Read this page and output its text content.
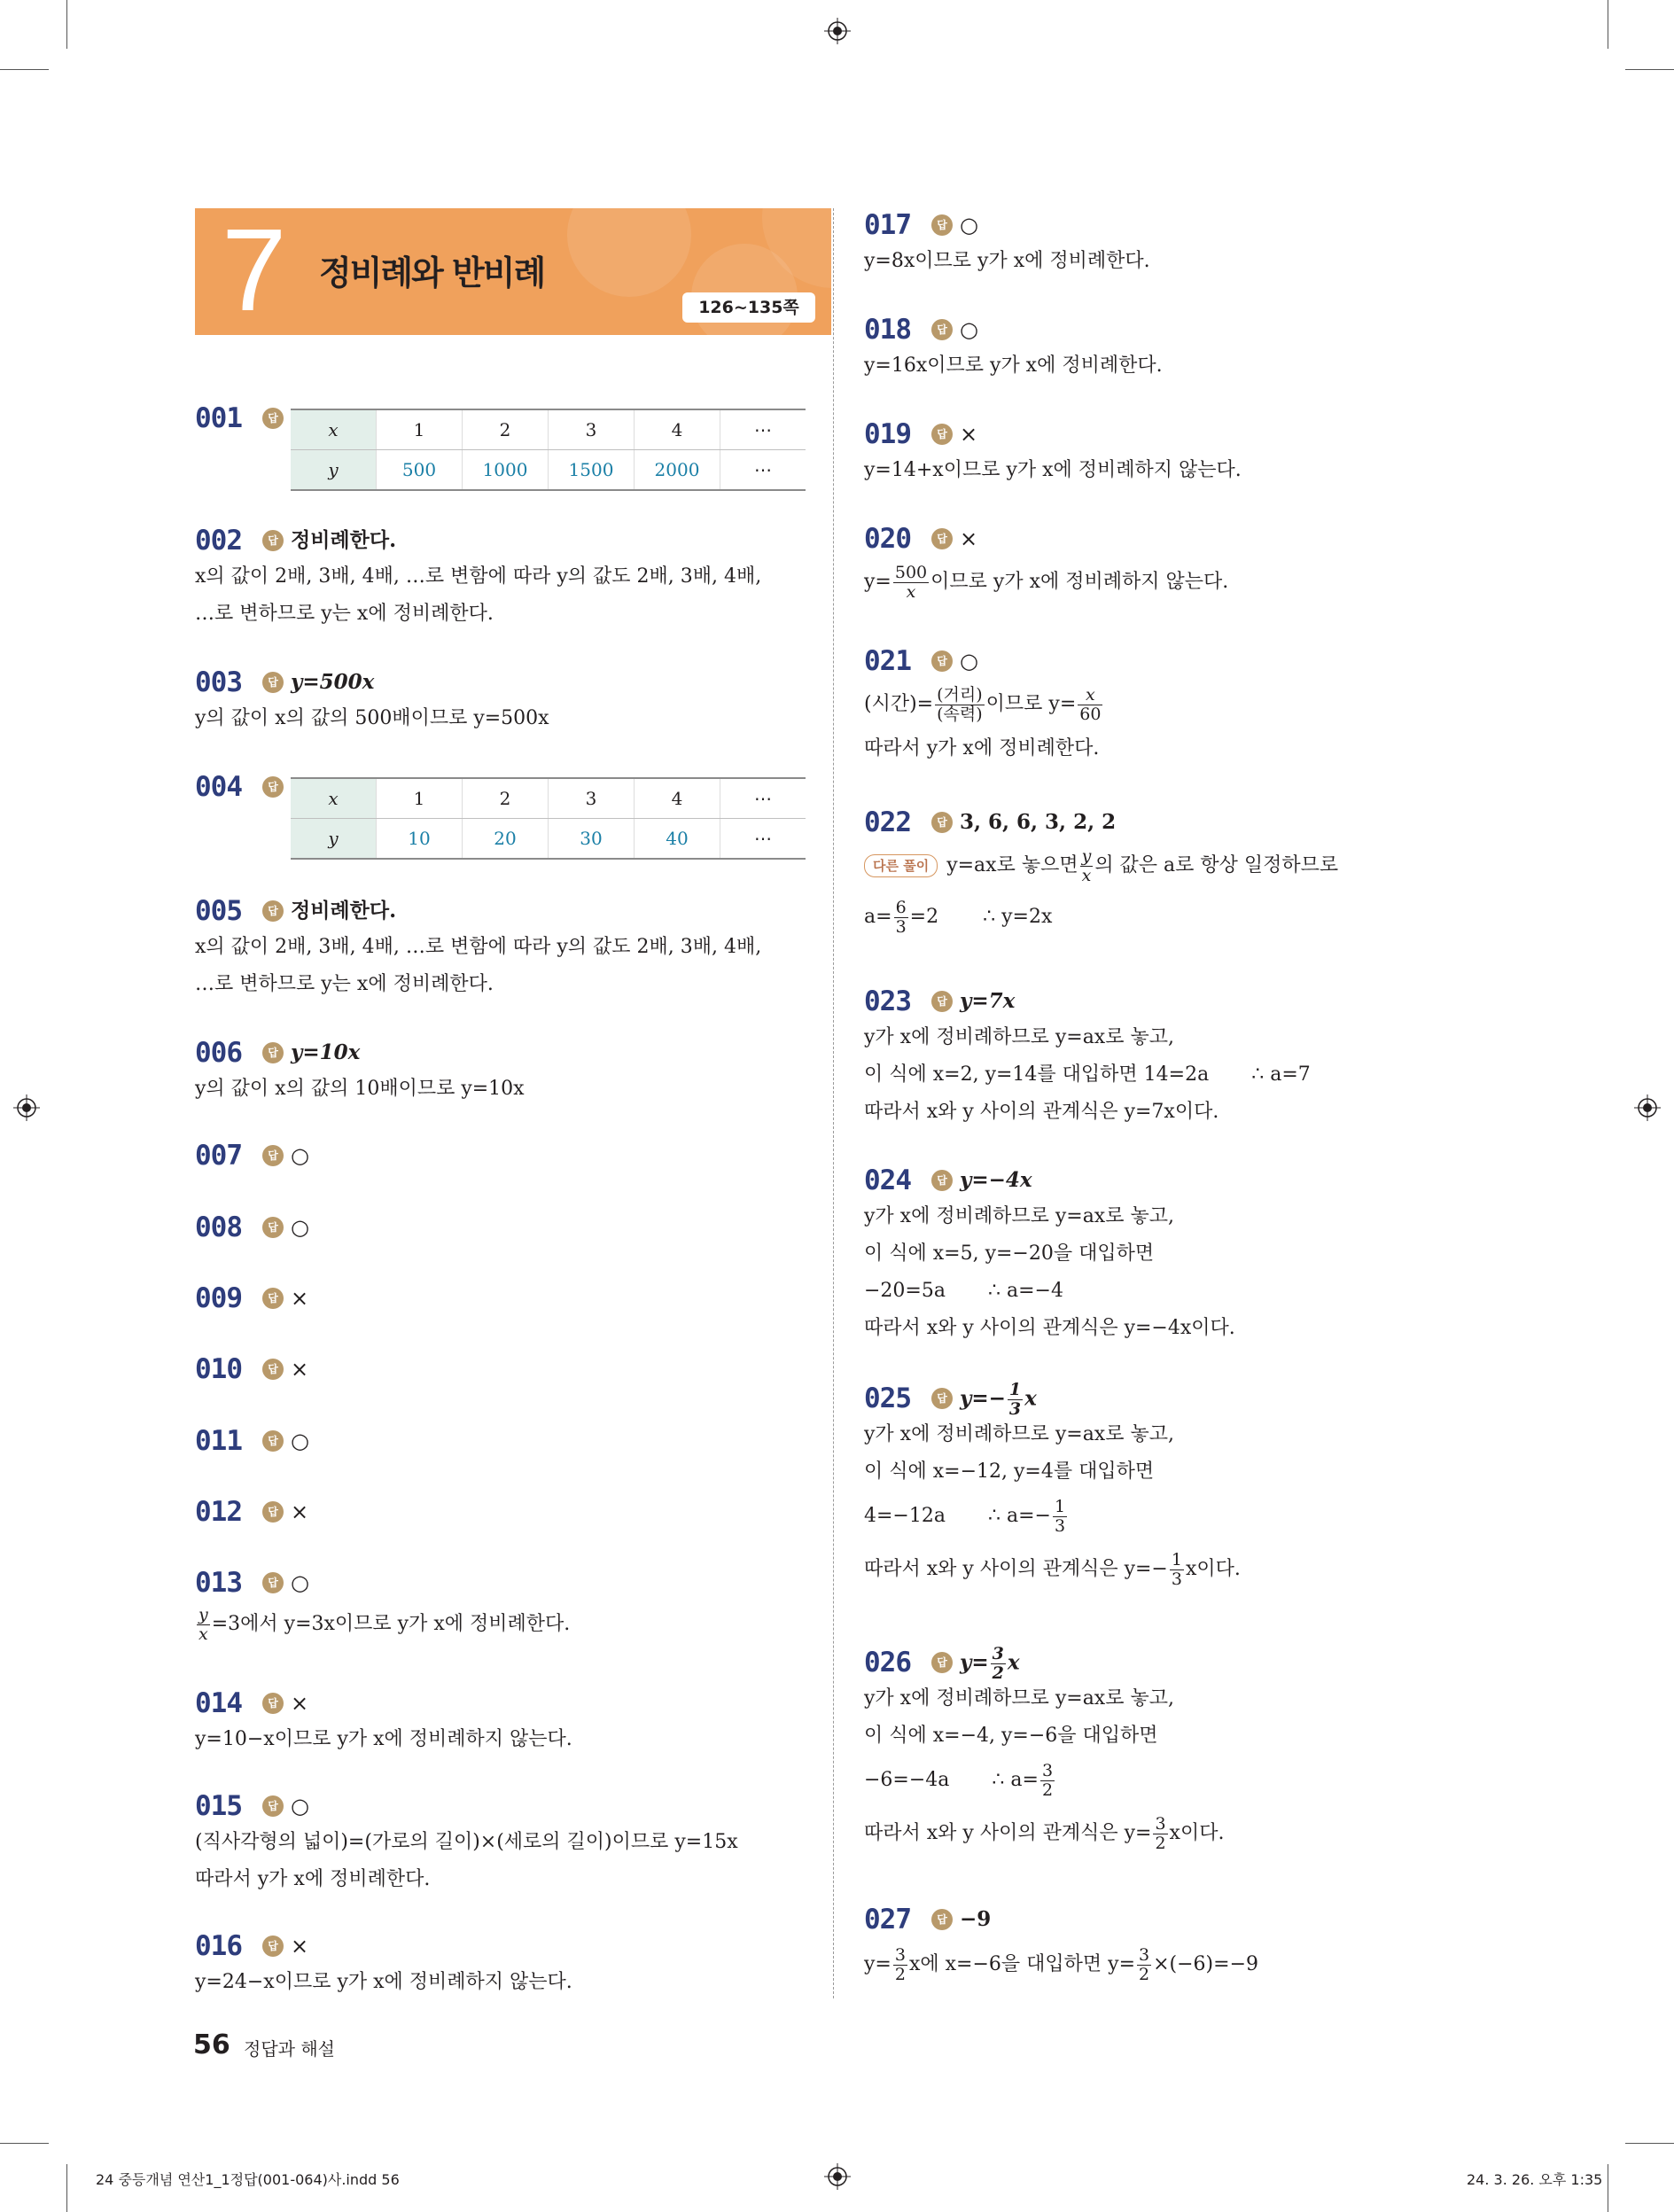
7 정비례와 반비례
126~135쪽
001	답
x	1	2	3	4	⋯
y	500	1000	1500	2000	⋯
002	답 정비례한다.
x의 값이 2배, 3배, 4배, …로 변함에 따라 y의 값도 2배, 3배, 4배,
…로 변하므로 y는 x에 정비례한다.
003	답 y=500x
y의 값이 x의 값의 500배이므로 y=500x
004	답
x	1	2	3	4	⋯
y	10	20	30	40	⋯
005	답 정비례한다.
x의 값이 2배, 3배, 4배, …로 변함에 따라 y의 값도 2배, 3배, 4배,
…로 변하므로 y는 x에 정비례한다.
006	답 y=10x
y의 값이 x의 값의 10배이므로 y=10x
007	답 ○
008	답 ○
009	답 ×
010	답 ×
011	답 ○
012	답 ×
013	답 ○
$\frac{y}{x} =3$에서 y=3x이므로 y가 x에 정비례한다.
014	답 ×
y=10−x이므로 y가 x에 정비례하지 않는다.
015	답 ○
(직사각형의 넓이)=(가로의 길이)×(세로의 길이)이므로 y=15x
따라서 y가 x에 정비례한다.
016	답 ×
y=24−x이므로 y가 x에 정비례하지 않는다.
017	답 ○
y=8x이므로 y가 x에 정비례한다.
018	답 ○
y=16x이므로 y가 x에 정비례한다.
019	답 ×
y=14+x이므로 y가 x에 정비례하지 않는다.
020	답 ×
$y= \frac{500}{x}$ 이므로 y가 x에 정비례하지 않는다.
021	답 ○
(시간)= $\frac{\text{(거리)}}{\text{(속력)}}$ 이므로 $y= \frac{x}{60}$
따라서 y가 x에 정비례한다.
022	답 3, 6, 6, 3, 2, 2
다른 풀이 y=ax로 놓으면 $\frac{y}{x}$ 의 값은 a로 항상 일정하므로
$a= \frac{6}{3} =2$ ∴ y=2x
023	답 y=7x
y가 x에 정비례하므로 y=ax로 놓고,
이 식에 x=2, y=14를 대입하면 14=2a ∴ a=7
따라서 x와 y 사이의 관계식은 y=7x이다.
024	답 y=−4x
y가 x에 정비례하므로 y=ax로 놓고,
이 식에 x=5, y=−20을 대입하면
−20=5a ∴ a=−4
따라서 x와 y 사이의 관계식은 y=−4x이다.
025	답 $y=- \frac{1}{3}$ x
y가 x에 정비례하므로 y=ax로 놓고,
이 식에 x=−12, y=4를 대입하면
4=−12a ∴ $a=- \frac{1}{3}$
따라서 x와 y 사이의 관계식은 $y=- \frac{1}{3}$ x이다.
026	답 $y= \frac{3}{2}$ x
y가 x에 정비례하므로 y=ax로 놓고,
이 식에 x=−4, y=−6을 대입하면
−6=−4a ∴ $a= \frac{3}{2}$
따라서 x와 y 사이의 관계식은 $y= \frac{3}{2}$ x이다.
027	답 −9
$y= \frac{3}{2}$ x에 x=−6을 대입하면 $y= \frac{3}{2} \times(-6)=-9$
56 정답과 해설
24 중등개념 연산1_1정답(001-064)사.indd 56	24. 3. 26. 오후 1:35
